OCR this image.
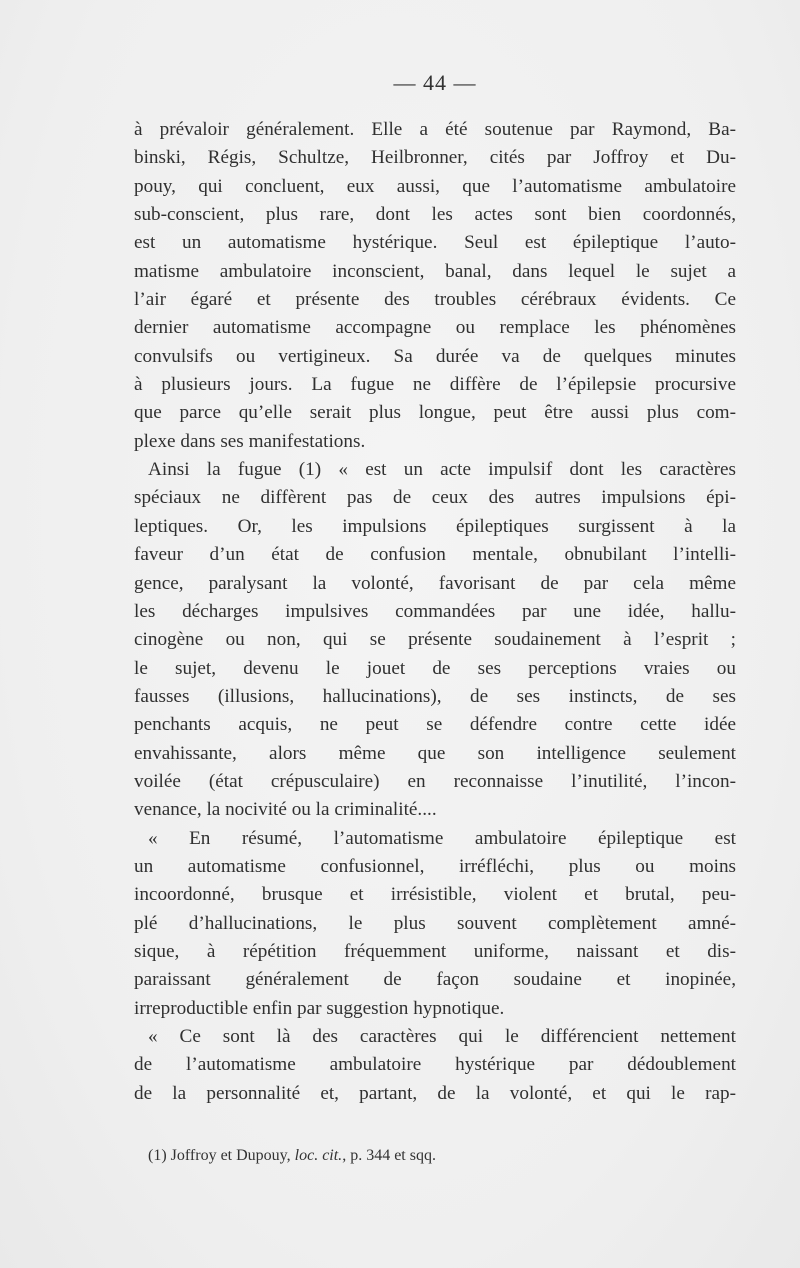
— 44 —
à prévaloir généralement. Elle a été soutenue par Raymond, Ba-
binski, Régis, Schultze, Heilbronner, cités par Joffroy et Du-
pouy, qui concluent, eux aussi, que l’automatisme ambulatoire
sub-conscient, plus rare, dont les actes sont bien coordonnés,
est un automatisme hystérique. Seul est épileptique l’auto-
matisme ambulatoire inconscient, banal, dans lequel le sujet a
l’air égaré et présente des troubles cérébraux évidents. Ce
dernier automatisme accompagne ou remplace les phénomènes
convulsifs ou vertigineux. Sa durée va de quelques minutes
à plusieurs jours. La fugue ne diffère de l’épilepsie procursive
que parce qu’elle serait plus longue, peut être aussi plus com-
plexe dans ses manifestations.
Ainsi la fugue (1) « est un acte impulsif dont les caractères
spéciaux ne diffèrent pas de ceux des autres impulsions épi-
leptiques. Or, les impulsions épileptiques surgissent à la
faveur d’un état de confusion mentale, obnubilant l’intelli-
gence, paralysant la volonté, favorisant de par cela même
les décharges impulsives commandées par une idée, hallu-
cinogène ou non, qui se présente soudainement à l’esprit ;
le sujet, devenu le jouet de ses perceptions vraies ou
fausses (illusions, hallucinations), de ses instincts, de ses
penchants acquis, ne peut se défendre contre cette idée
envahissante, alors même que son intelligence seulement
voilée (état crépusculaire) en reconnaisse l’inutilité, l’incon-
venance, la nocivité ou la criminalité....
« En résumé, l’automatisme ambulatoire épileptique est
un automatisme confusionnel, irréfléchi, plus ou moins
incoordonné, brusque et irrésistible, violent et brutal, peu-
plé d’hallucinations, le plus souvent complètement amné-
sique, à répétition fréquemment uniforme, naissant et dis-
paraissant généralement de façon soudaine et inopinée,
irreproductible enfin par suggestion hypnotique.
« Ce sont là des caractères qui le différencient nettement
de l’automatisme ambulatoire hystérique par dédoublement
de la personnalité et, partant, de la volonté, et qui le rap-
(1) Joffroy et Dupouy, loc. cit., p. 344 et sqq.
